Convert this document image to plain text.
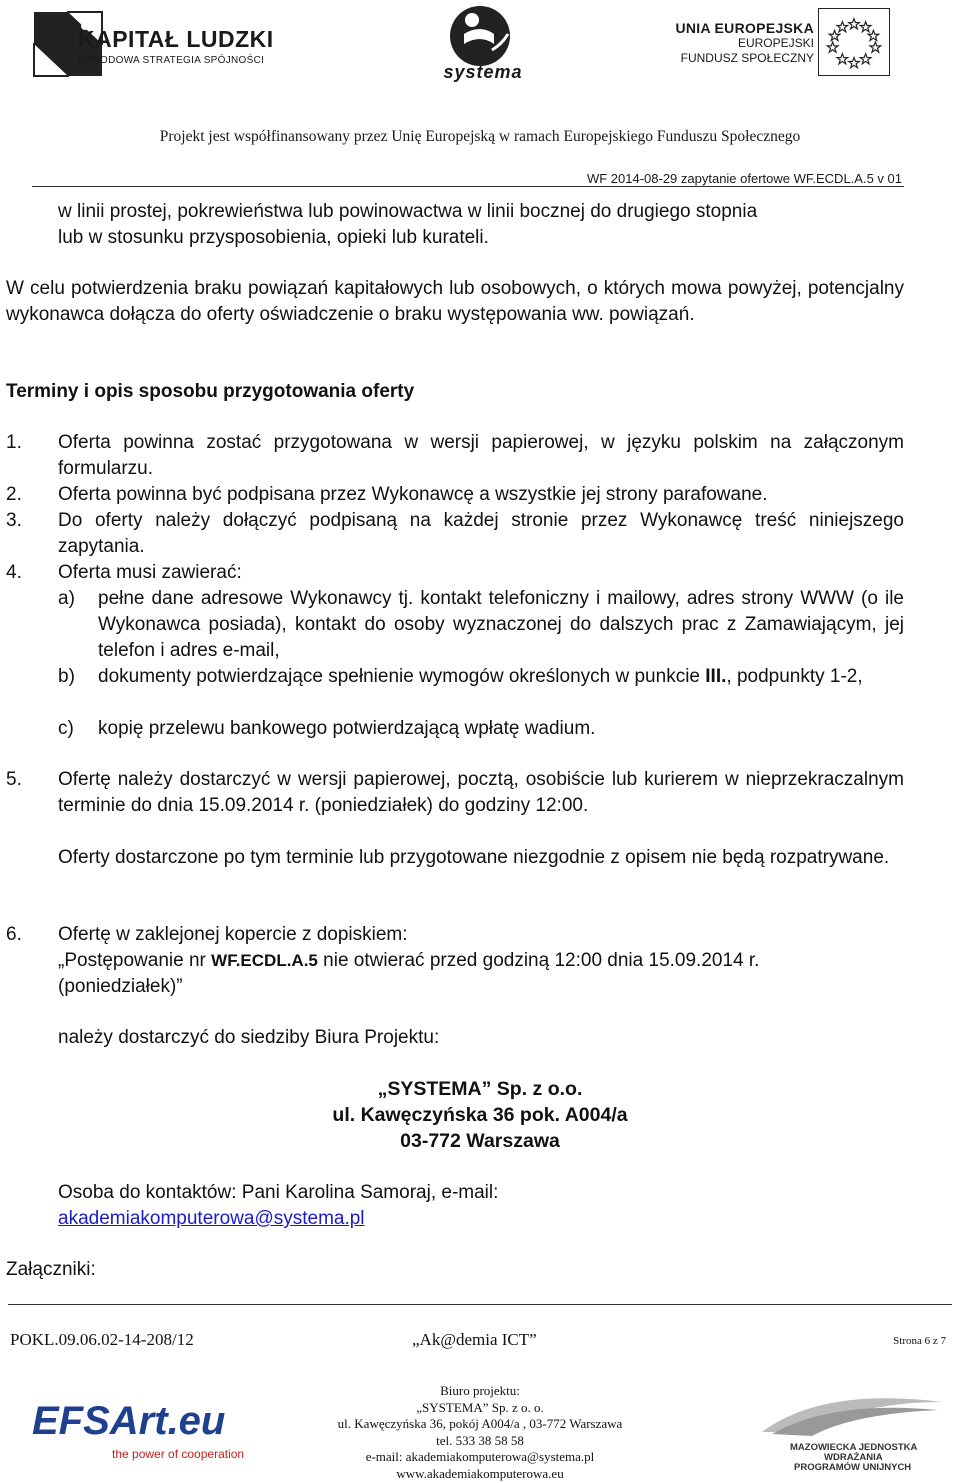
KAPITAŁ LUDZKI
NARODOWA STRATEGIA SPÓJNOŚCI
systema
UNIA EUROPEJSKA
EUROPEJSKI
FUNDUSZ SPOŁECZNY
Projekt jest współfinansowany przez Unię Europejską w ramach Europejskiego Funduszu Społecznego
WF 2014-08-29 zapytanie ofertowe WF.ECDL.A.5 v 01
w linii prostej, pokrewieństwa lub powinowactwa w linii bocznej do drugiego stopnia
lub w stosunku przysposobienia, opieki lub kurateli.
W celu potwierdzenia braku powiązań kapitałowych lub osobowych, o których mowa powyżej, potencjalny wykonawca dołącza do oferty oświadczenie o braku występowania ww. powiązań.
Terminy i opis sposobu przygotowania oferty
1. Oferta powinna zostać przygotowana w wersji papierowej, w języku polskim na załączonym formularzu.
2. Oferta powinna być podpisana przez Wykonawcę a wszystkie jej strony parafowane.
3. Do oferty należy dołączyć podpisaną na każdej stronie przez Wykonawcę treść niniejszego zapytania.
4. Oferta musi zawierać:
a) pełne dane adresowe Wykonawcy tj. kontakt telefoniczny i mailowy, adres strony WWW (o ile Wykonawca posiada), kontakt do osoby wyznaczonej do dalszych prac z Zamawiającym, jej telefon i adres e-mail,
b) dokumenty potwierdzające spełnienie wymogów określonych w punkcie III., podpunkty 1-2,
c) kopię przelewu bankowego potwierdzającą wpłatę wadium.
5. Ofertę należy dostarczyć w wersji papierowej, pocztą, osobiście lub kurierem w nieprzekraczalnym terminie do dnia 15.09.2014 r. (poniedziałek) do godziny 12:00.
Oferty dostarczone po tym terminie lub przygotowane niezgodnie z opisem nie będą rozpatrywane.
6. Ofertę w zaklejonej kopercie z dopiskiem:
„Postępowanie nr WF.ECDL.A.5 nie otwierać przed godziną 12:00 dnia 15.09.2014 r.
(poniedziałek)”
należy dostarczyć do siedziby Biura Projektu:
„SYSTEMA” Sp. z o.o.
ul. Kawęczyńska 36 pok. A004/a
03-772 Warszawa
Osoba do kontaktów: Pani Karolina Samoraj, e-mail:
akademiakomputerowa@systema.pl
Załączniki:
POKL.09.06.02-14-208/12	„Ak@demia ICT”	Strona 6 z 7
EFSArt.eu
the power of cooperation
Biuro projektu:
„SYSTEMA” Sp. z o. o.
ul. Kawęczyńska 36, pokój A004/a , 03-772 Warszawa
tel. 533 38 58 58
e-mail: akademiakomputerowa@systema.pl
www.akademiakomputerowa.eu
MAZOWIECKA JEDNOSTKA
WDRAŻANIA
PROGRAMÓW UNIJNYCH
